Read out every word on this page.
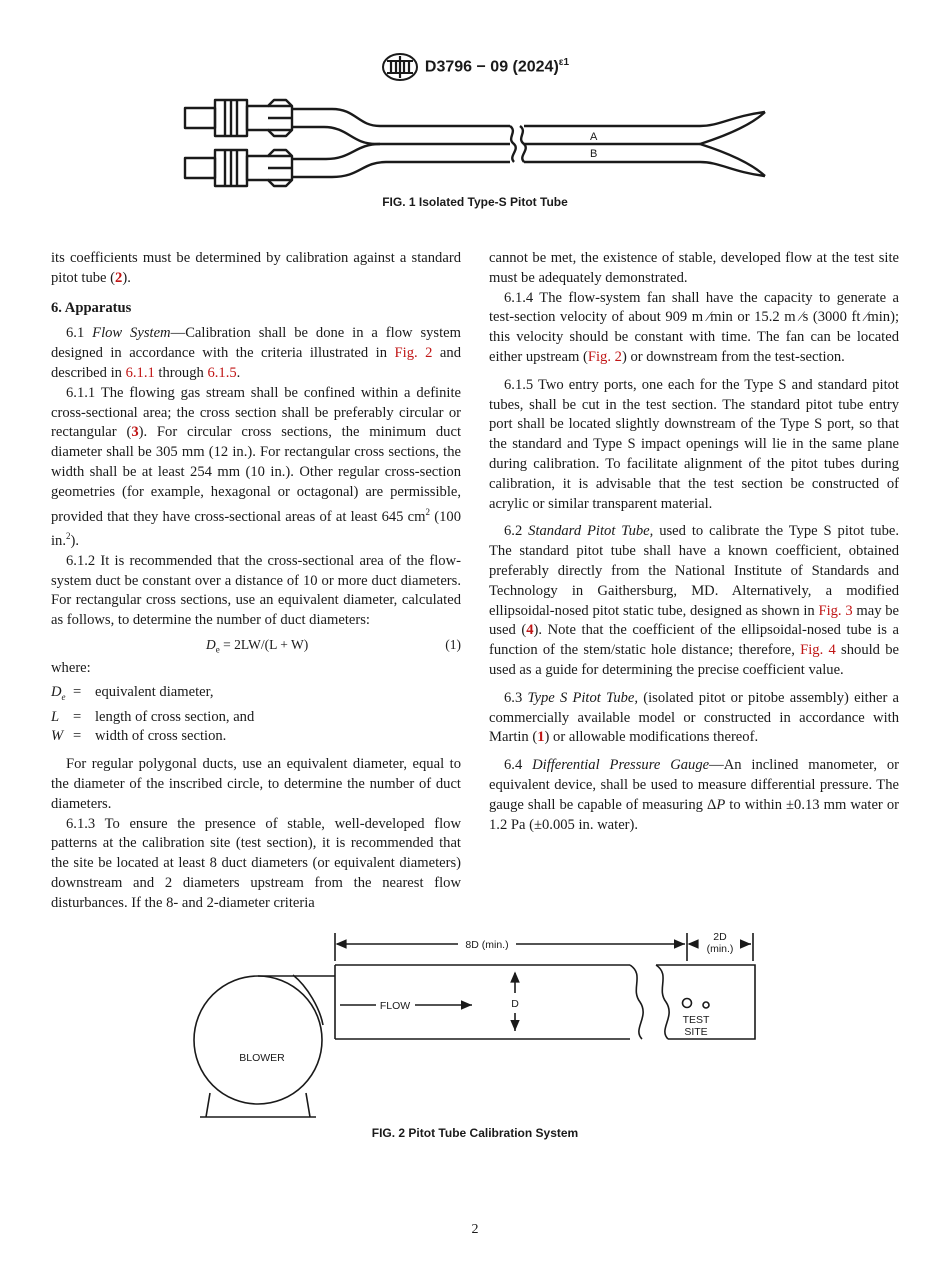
D3796 − 09 $(2024)^{\varepsilon 1}$
A
B
FIG. 1 Isolated Type-S Pitot Tube

its coefficients must be determined by calibration against a standard pitot tube (2).

6. Apparatus

6.1 Flow System—Calibration shall be done in a flow system designed in accordance with the criteria illustrated in Fig. 2 and described in 6.1.1 through 6.1.5.

6.1.1 The flowing gas stream shall be confined within a definite cross-sectional area; the cross section shall be preferably circular or rectangular (3). For circular cross sections, the minimum duct diameter shall be 305 mm (12 in.). For rectangular cross sections, the width shall be at least 254 mm (10 in.). Other regular cross-section geometries (for example, hexagonal or octagonal) are permissible, provided that they have cross-sectional areas of at least 645 $cm^2$ (100 in.$^2$).

6.1.2 It is recommended that the cross-sectional area of the flow-system duct be constant over a distance of 10 or more duct diameters. For rectangular cross sections, use an equivalent diameter, calculated as follows, to determine the number of duct diameters:

$D_e = 2LW/(L + W)$	(1)

where:

$D_e$ = equivalent diameter,
L = length of cross section, and
W = width of cross section.

For regular polygonal ducts, use an equivalent diameter, equal to the diameter of the inscribed circle, to determine the number of duct diameters.

6.1.3 To ensure the presence of stable, well-developed flow patterns at the calibration site (test section), it is recommended that the site be located at least 8 duct diameters (or equivalent diameters) downstream and 2 diameters upstream from the nearest flow disturbances. If the 8- and 2-diameter criteria

cannot be met, the existence of stable, developed flow at the test site must be adequately demonstrated.

6.1.4 The flow-system fan shall have the capacity to generate a test-section velocity of about 909 m ⁄min or 15.2 m ⁄s (3000 ft ⁄min); this velocity should be constant with time. The fan can be located either upstream (Fig. 2) or downstream from the test-section.

6.1.5 Two entry ports, one each for the Type S and standard pitot tubes, shall be cut in the test section. The standard pitot tube entry port shall be located slightly downstream of the Type S port, so that the standard and Type S impact openings will lie in the same plane during calibration. To facilitate alignment of the pitot tubes during calibration, it is advisable that the test section be constructed of acrylic or similar transparent material.

6.2 Standard Pitot Tube, used to calibrate the Type S pitot tube. The standard pitot tube shall have a known coefficient, obtained preferably directly from the National Institute of Standards and Technology in Gaithersburg, MD. Alternatively, a modified ellipsoidal-nosed pitot static tube, designed as shown in Fig. 3 may be used (4). Note that the coefficient of the ellipsoidal-nosed tube is a function of the stem/static hole distance; therefore, Fig. 4 should be used as a guide for determining the precise coefficient value.

6.3 Type S Pitot Tube, (isolated pitot or pitobe assembly) either a commercially available model or constructed in accordance with Martin (1) or allowable modifications thereof.

6.4 Differential Pressure Gauge—An inclined manometer, or equivalent device, shall be used to measure differential pressure. The gauge shall be capable of measuring ΔP to within ±0.13 mm water or 1.2 Pa (±0.005 in. water).

8D (min.)
2D
(min.)
FLOW	D
TEST
SITE
BLOWER
FIG. 2 Pitot Tube Calibration System
2
